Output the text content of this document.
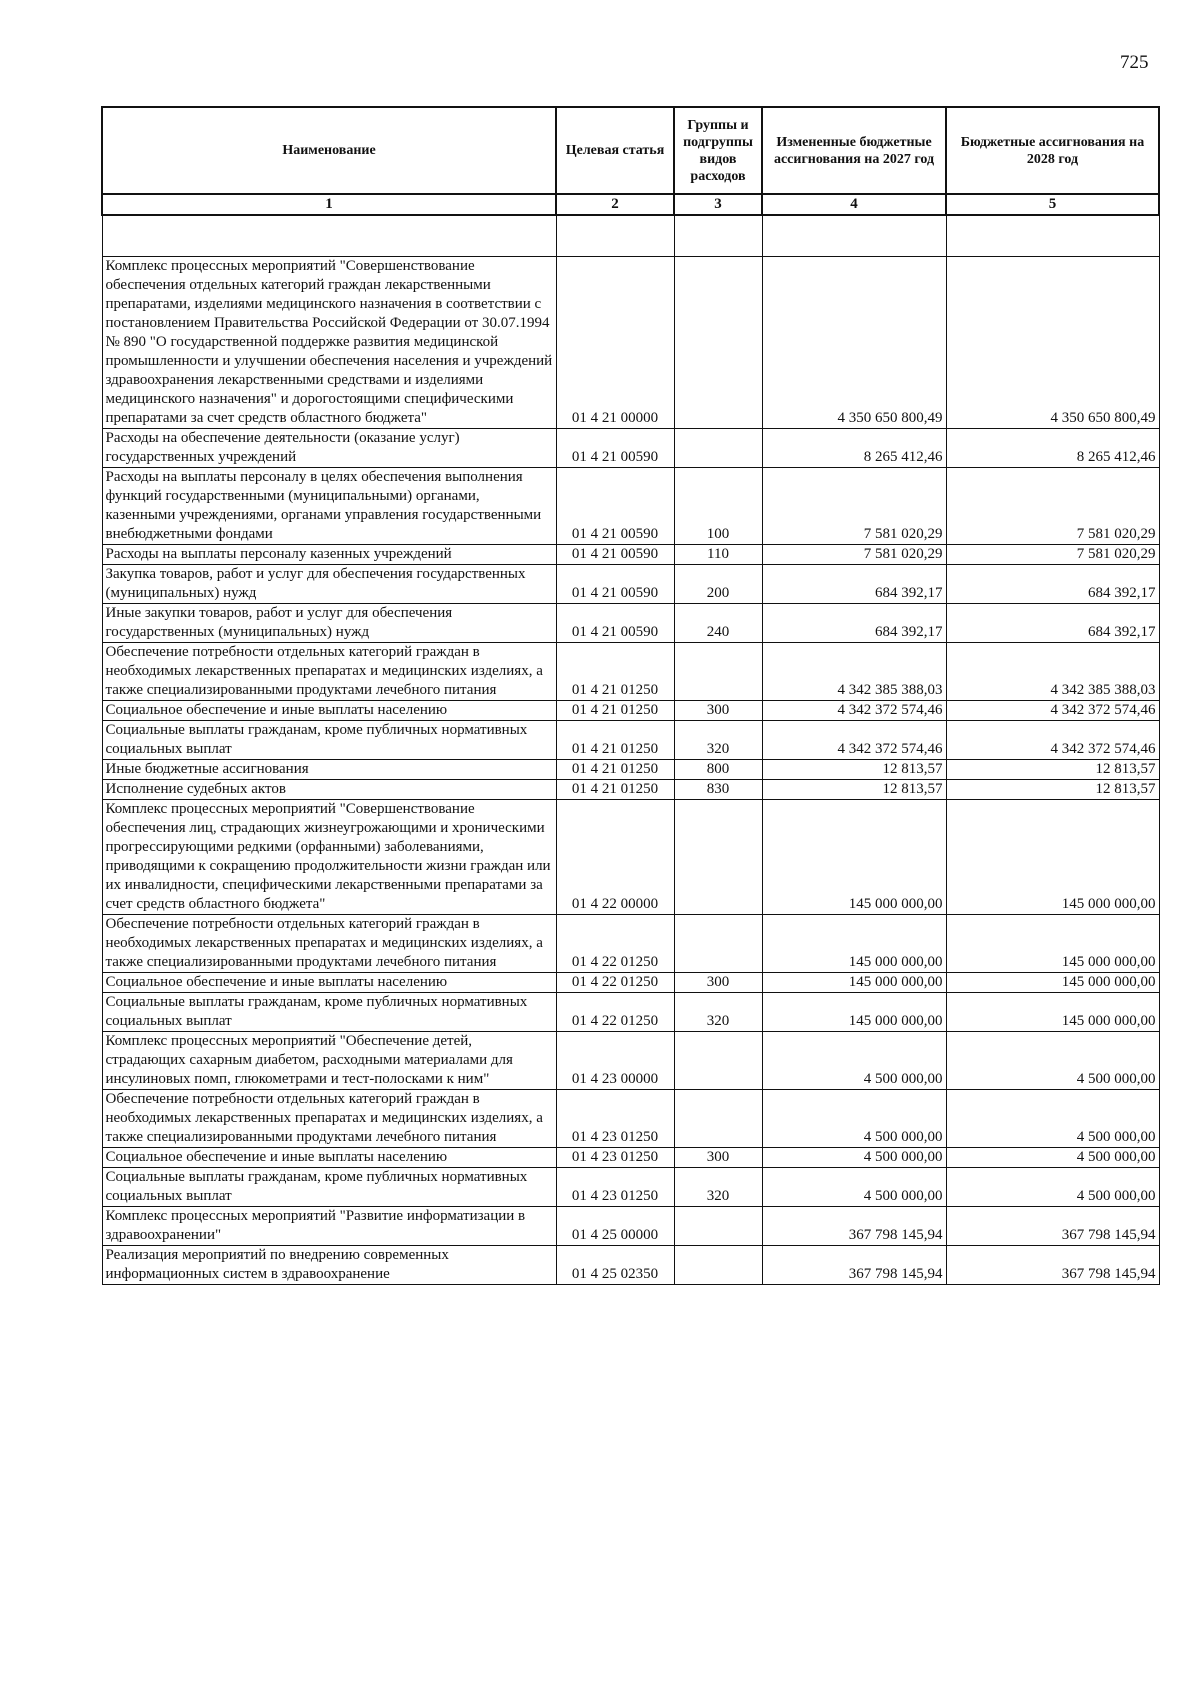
725
Наименование	Целевая статья	Группы и подгруппы видов расходов	Измененные бюджетные ассигнования на 2027 год	Бюджетные ассигнования на 2028 год
1	2	3	4	5

Комплекс процессных мероприятий "Совершенствование обеспечения отдельных категорий граждан лекарственными препаратами, изделиями медицинского назначения в соответствии с постановлением Правительства Российской Федерации от 30.07.1994 № 890 "О государственной поддержке развития медицинской промышленности и улучшении обеспечения населения и учреждений здравоохранения лекарственными средствами и изделиями медицинского назначения" и дорогостоящими специфическими препаратами за счет средств областного бюджета"	01 4 21 00000		4 350 650 800,49	4 350 650 800,49
Расходы на обеспечение деятельности (оказание услуг) государственных учреждений	01 4 21 00590		8 265 412,46	8 265 412,46
Расходы на выплаты персоналу в целях обеспечения выполнения функций государственными (муниципальными) органами, казенными учреждениями, органами управления государственными внебюджетными фондами	01 4 21 00590	100	7 581 020,29	7 581 020,29
Расходы на выплаты персоналу казенных учреждений	01 4 21 00590	110	7 581 020,29	7 581 020,29
Закупка товаров, работ и услуг для обеспечения государственных (муниципальных) нужд	01 4 21 00590	200	684 392,17	684 392,17
Иные закупки товаров, работ и услуг для обеспечения государственных (муниципальных) нужд	01 4 21 00590	240	684 392,17	684 392,17
Обеспечение потребности отдельных категорий граждан в необходимых лекарственных препаратах и медицинских изделиях, а также специализированными продуктами лечебного питания	01 4 21 01250		4 342 385 388,03	4 342 385 388,03
Социальное обеспечение и иные выплаты населению	01 4 21 01250	300	4 342 372 574,46	4 342 372 574,46
Социальные выплаты гражданам, кроме публичных нормативных социальных выплат	01 4 21 01250	320	4 342 372 574,46	4 342 372 574,46
Иные бюджетные ассигнования	01 4 21 01250	800	12 813,57	12 813,57
Исполнение судебных актов	01 4 21 01250	830	12 813,57	12 813,57
Комплекс процессных мероприятий "Совершенствование обеспечения лиц, страдающих жизнеугрожающими и хроническими прогрессирующими редкими (орфанными) заболеваниями, приводящими к сокращению продолжительности жизни граждан или их инвалидности, специфическими лекарственными препаратами за счет средств областного бюджета"	01 4 22 00000		145 000 000,00	145 000 000,00
Обеспечение потребности отдельных категорий граждан в необходимых лекарственных препаратах и медицинских изделиях, а также специализированными продуктами лечебного питания	01 4 22 01250		145 000 000,00	145 000 000,00
Социальное обеспечение и иные выплаты населению	01 4 22 01250	300	145 000 000,00	145 000 000,00
Социальные выплаты гражданам, кроме публичных нормативных социальных выплат	01 4 22 01250	320	145 000 000,00	145 000 000,00
Комплекс процессных мероприятий "Обеспечение детей, страдающих сахарным диабетом, расходными материалами для инсулиновых помп, глюкометрами и тест-полосками к ним"	01 4 23 00000		4 500 000,00	4 500 000,00
Обеспечение потребности отдельных категорий граждан в необходимых лекарственных препаратах и медицинских изделиях, а также специализированными продуктами лечебного питания	01 4 23 01250		4 500 000,00	4 500 000,00
Социальное обеспечение и иные выплаты населению	01 4 23 01250	300	4 500 000,00	4 500 000,00
Социальные выплаты гражданам, кроме публичных нормативных социальных выплат	01 4 23 01250	320	4 500 000,00	4 500 000,00
Комплекс процессных мероприятий "Развитие информатизации в здравоохранении"	01 4 25 00000		367 798 145,94	367 798 145,94
Реализация мероприятий по внедрению современных информационных систем в здравоохранение	01 4 25 02350		367 798 145,94	367 798 145,94
